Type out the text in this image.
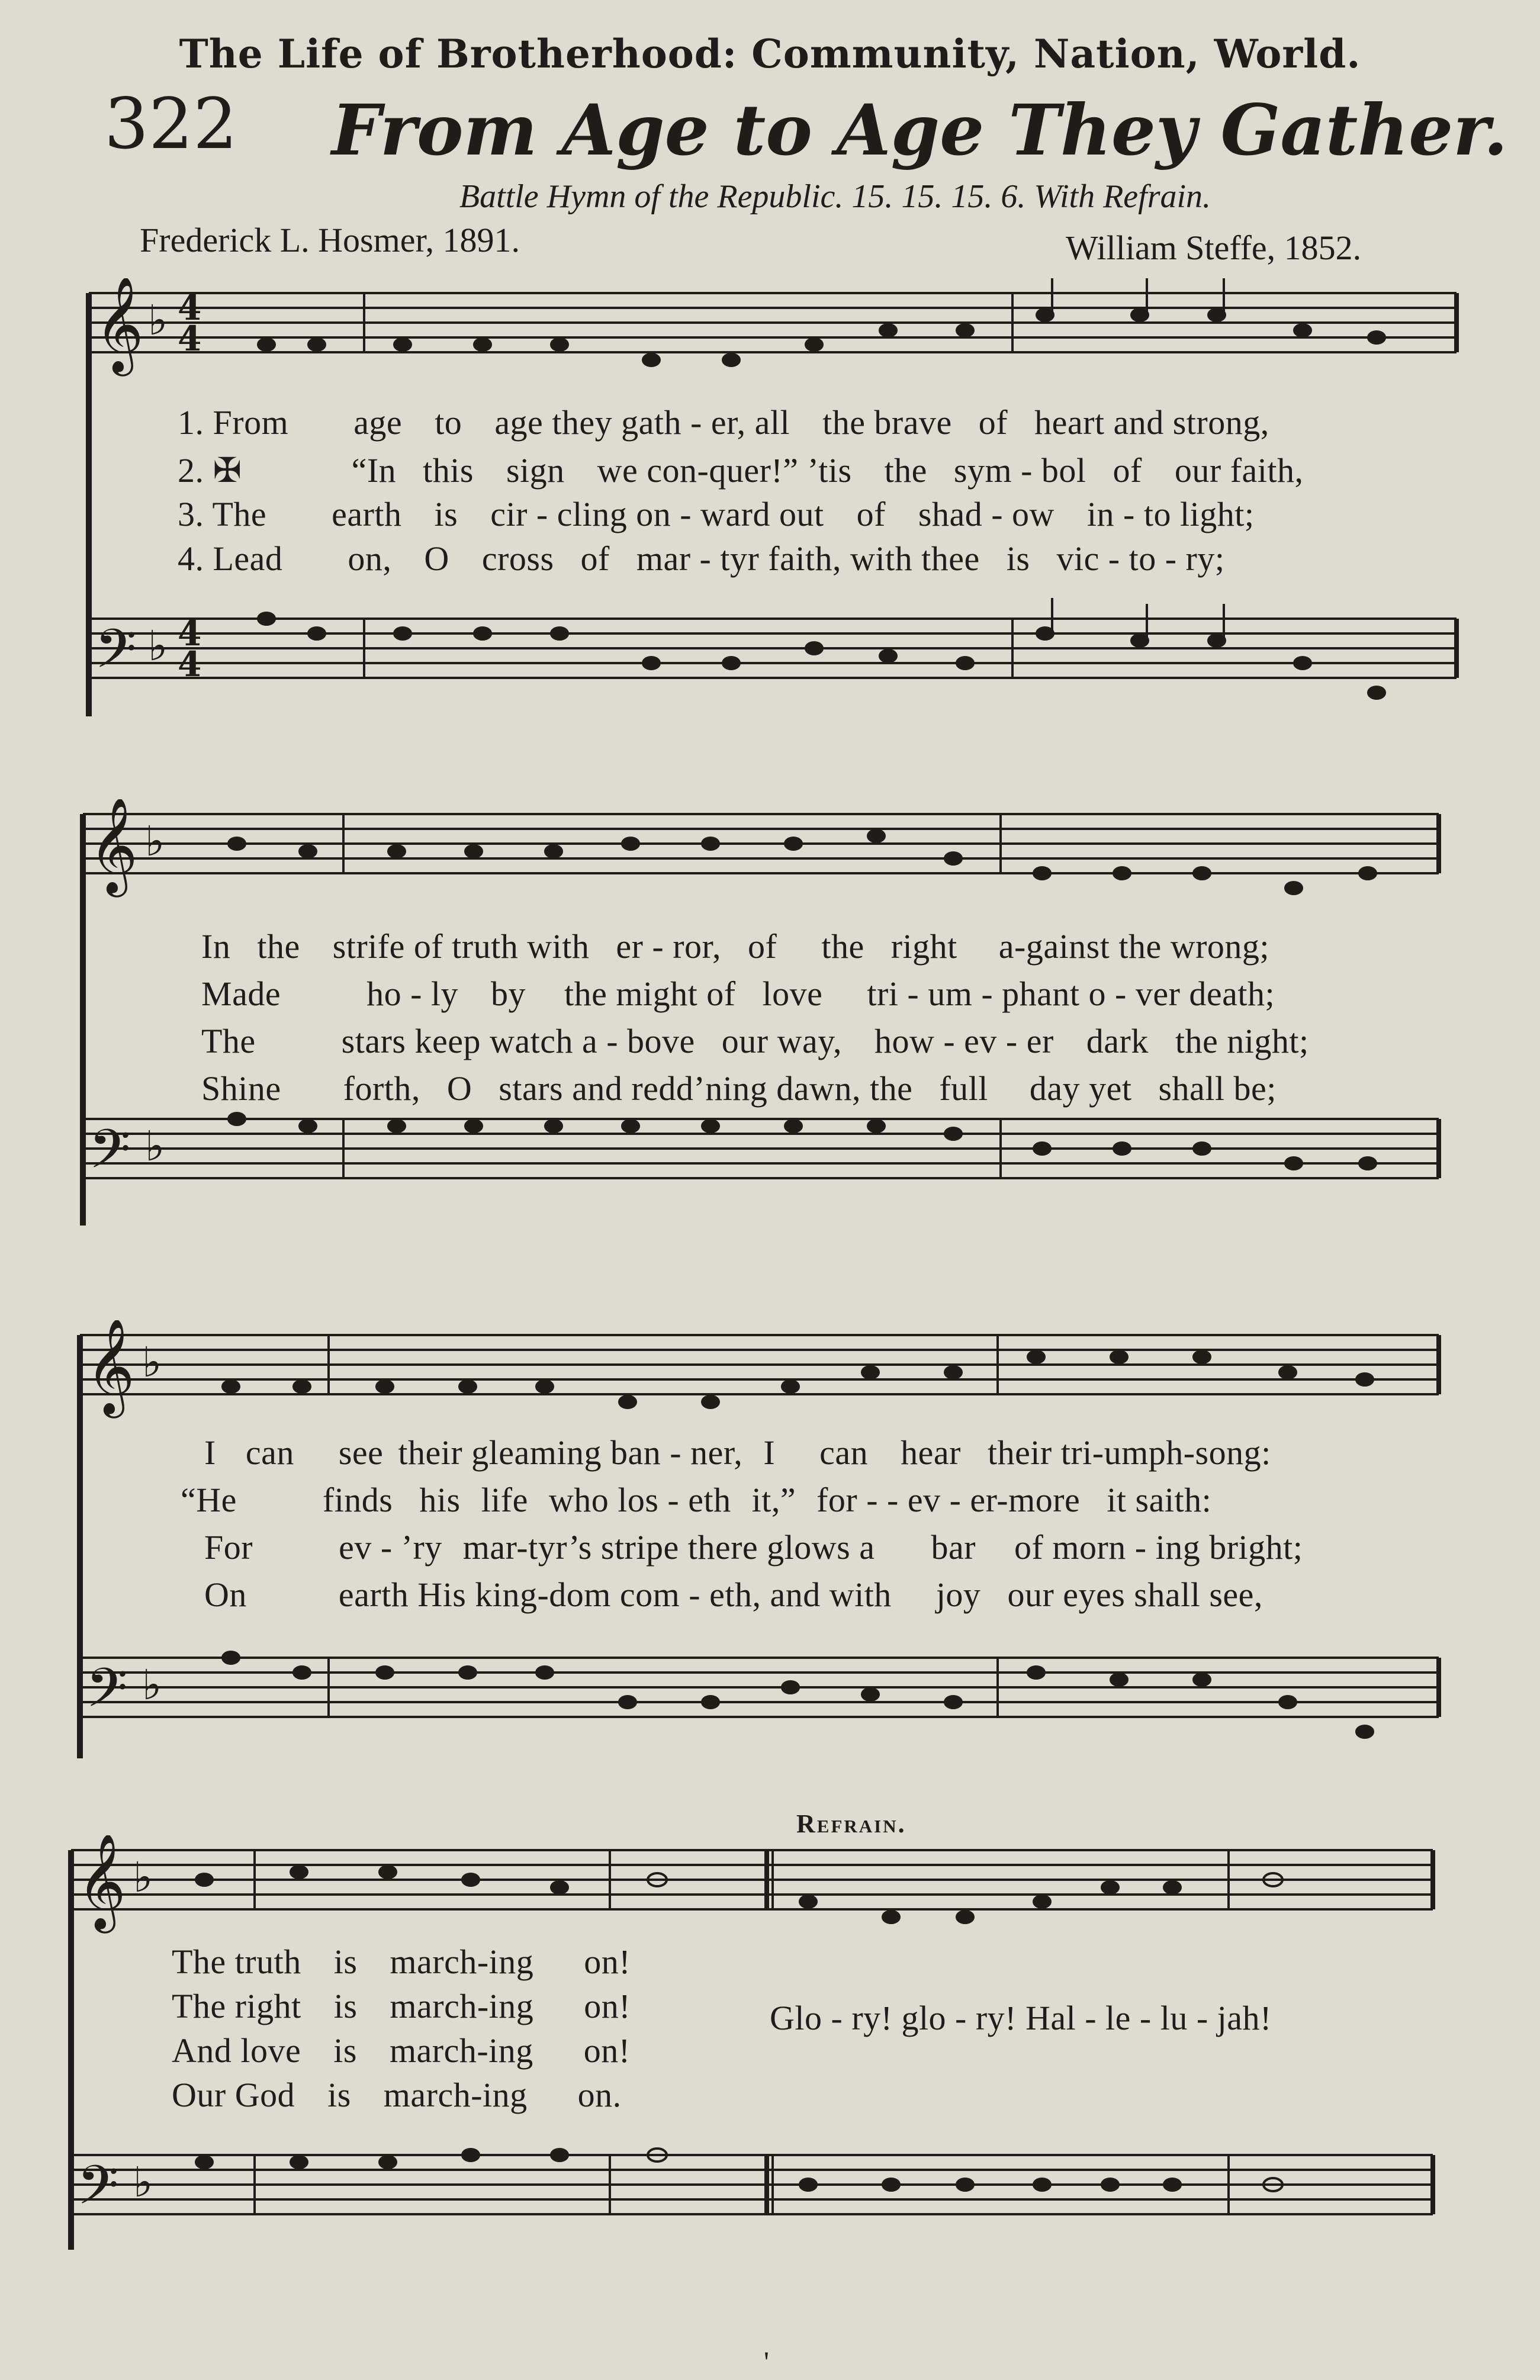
The Life of Brotherhood: Community, Nation, World.
322 From Age to Age They Gather.
Battle Hymn of the Republic. 15. 15. 15. 6. With Refrain.
Frederick L. Hosmer, 1891.	William Steffe, 1852.
𝄞
𝄢
♭
♭
4
4
4
4
1. From age to age they gath - er, all the brave of heart and strong,
2. ✠	“In this sign we con-quer!” ’tis the sym - bol of our faith,
3. The earth is cir - cling on - ward out of shad - ow in - to light;
4. Lead on, O cross of mar - tyr faith, with thee is vic - to - ry;
𝄞
𝄢
♭
♭
In the strife of truth with er - ror, of the right a-gainst the wrong;
Made	ho - ly by the might of love tri - um - phant o - ver death;
The	stars keep watch a - bove our way, how - ev - er dark the night;
Shine forth, O stars and redd’ning dawn, the full day yet shall be;
𝄞
𝄢
♭
♭
I can see their gleaming ban - ner, I can hear their tri-umph-song:
“He	finds his life who los - eth it,” for - - ev - er-more it saith:
For	ev - ’ry mar-tyr’s stripe there glows a bar of morn - ing bright;
On	earth His king-dom com - eth, and with joy our eyes shall see,
Refrain.
𝄞
𝄢
♭
♭
The truth is march-ing on!
The right is march-ing on!	Glo - ry! glo - ry! Hal - le - lu - jah!
And love is march-ing on!
Our God is march-ing on.
'
